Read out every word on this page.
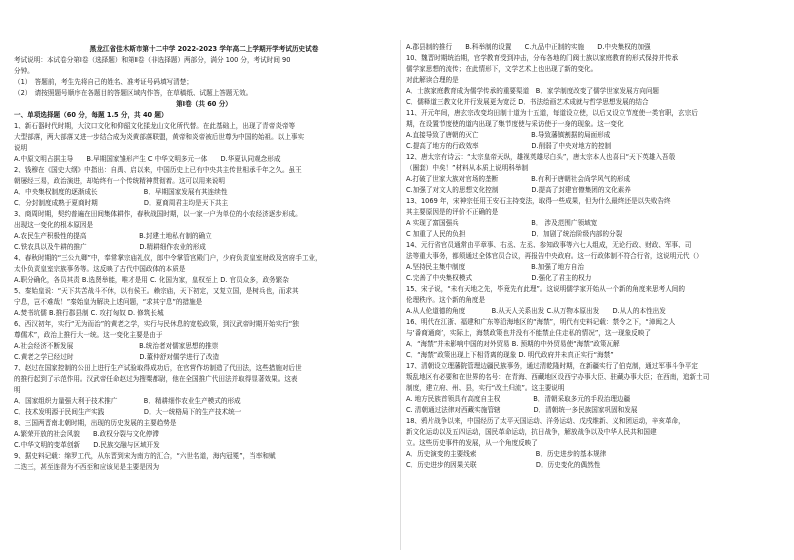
黑龙江省佳木斯市第十二中学 2022-2023 学年高二上学期开学考试历史试卷
考试说明：本试卷分第Ⅰ卷（选择题）和第Ⅱ卷（非选择题）两部分，满分 100 分，考试时间 90
分钟。
（1）　答题前，考生先将自己的姓名、准考证号码填写清楚；
（2）　请按照题号顺序在各题目的答题区域内作答，在草稿纸、试题上答题无效。
第Ⅰ卷（共 60 分）
一、单项选择题（60 分，每题 1.5 分，共 40 题）
1、新石器时代时期，大汶口文化和仰韶文化揉龙山文化所代替。在此基础上，出现了青帝炎帝等
大型部落，两大部落又进一步结合成为炎黄部落联盟，黄帝和炎帝被后世尊为中国的始祖。以上事实
说明
A.中原文明占据主导　　B.早期国家雏形产生 C 中华文明多元一体　　D.华夏认同观念形成
2、钱穆在《国史大纲》中指出：自禹、启以来，中国历史上已有中央共主传世相承千年之久。虽王
朝屡经三易，政治演进，却始终有一个传统精神贯彻着。这可以用来说明
A．中央集权制度的逐渐成长　　　　　　　B．早期国家发展有其连续性
C．分封制度成熟于夏商时期　　　　　　　D．夏商周君主均是天下共主
3、商周时期，契约普遍在田间集体耕作，春秋战国时期，以一家一户为单位的小农经济逐步形成。
出现这一变化的根本原因是
A.农民生产积极性的提高　　　　　　　　B.封建土地私有制的确立
C.铁农具以及牛耕的推广　　　　　　　　D.精耕细作农业的形成
4、春秋时期的“三公九卿”中，奉常掌宗庙礼仪，郎中令掌管宫殿门户，少府负责皇室财政及宫府手工业，
太仆负责皇室宗族事务等。这反映了古代中国政体的本质是
A.职分确化，各员其责 B.选贤举能，唯才是用 C. 化国为家，皇权至上 D. 官员众多，政务繁杂
5、秦始皇说：“天下共苦战斗不休，以有侯王。赖宗庙，天下初定，又复立国，是树兵也，而求其
宁息，岂不难哉！”秦始皇为解决上述问题，“求其宁息”的措施是
A.焚书坑儒 B.推行郡县制 C. 攻打匈奴 D. 修筑长城
6、西汉初年，实行“无为而治”的黄老之学，实行与民休息的宽松政策，到汉武帝时期开始实行“独
尊儒术”，政治上推行大一统。这一变化主要是由于
A.社会经济不断发展　　　　　　　　　　B.统治者对儒家思想的推崇
C.黄老之学已经过时　　　　　　　　　　D.董仲舒对儒学进行了改造
7、赵过在国家控制的公田上进行生产试验取得成功后，在官营作坊制造了代田法，这些措施对后世
的推行起到了示范作用。汉武帝任命赵过为搜粟都尉，他在全国推广代田法并取得显著效果。这表
明
A．国家组织力量强大利于技术推广　　　　B．精耕细作农业生产模式的形成
C．技术发明源于民间生产实践　　　　　　D．大一统格局下的生产技术统一
8、三国两晋南北朝时期，出现的历史发展的主要趋势是
A.繁荣开放的社会风貌　　B.政权分裂与文化停滞
C.中华文明的变革创新　　D.民族交融与区域开发
9、据史料记载：绵罗工代，从东晋到宋为南方的汇合，“六世名道，海内冠冕”，当率和赋
二迭三，甚至连督为不西至和应该见是主要是因为
A.郡县制的推行　　B.科举制的设置　　C.九品中正制的实施　　D.中央集权的加强
10、魏晋时期统治期，官学教育受到冲击，分布各地的门阀士族以家庭教育的形式保持并传承
儒学家思想的流传；在此情形下，文学艺术上也出现了新的变化。
对此解读合理的是
A．士族家庭教育成为儒学传承的重要渠道　B．家学制度改变了儒学世家发展方向问题
C．儒释道三教文化并行发展更为宽泛 D．书法绘画艺术成就与哲学思想发展的结合
11、开元年间，唐玄宗改变均田制十道为十五道，每道设立使，以后又设立节度使一类官职，玄宗后
期，在设置节度使的道内出现了集节度使与采访使于一身的现象。这一变化
A.直接导致了唐朝的灭亡　　　　　　　　B.导致藩镇割据的局面形成
C.提高了地方的行政效率　　　　　　　　D.削弱了中央对地方的控制
12、唐太宗有诗云：“太宗皇帝天纵，雄视英雄尽白头”，唐太宗本人也喜曰“天下英雄入吾彀
（圈套）中矣！”材料从本质上说明科举制
A.打破了世家大族对官场的垄断　　　　　B.有利于唐朝社会尚学风气的形成
C.加强了对文人的思想文化控制　　　　　D.提高了封建官僚集团的文化素养
13、1069 年，宋神宗任用王安石主持变法，取得一些成果，但为什么最终还是以失败告终
其主要原因是的评价不正确的是
A 实现了富国强兵　　　　　　　　　　　B． 涉及范围广领域宽
C 加重了人民的负担　　　　　　　　　　D．加剧了统治阶级内部的分裂
14、元行省官员通常由平章事、右丞、左丞、参知政事等六七人组成，无论行政、财政、军事、司
法等重大事务，都须通过全体官员合议，再报告中央政府。这一行政体制不符合行省，这说明元代（）
A.坚持民主集中制度　　　　　　　　　　B.加强了地方自治
C.完善了中央集权模式　　　　　　　　　D.强化了君主的权力
15、宋子说，“未有天地之先，毕竟先有此理”。这说明儒学家开始从一个新的角度来思考人间的
伦理秩序。这个新的角度是
A.从人伦道德的角度　　　　B.从天人关系出发 C.从万物本原出发　　D.从人的本性出发
16、明代在江浙、福建和广东等沿海地区的“海禁”，明代有史料记载：禁令之下，“漳闽之人
与‘番商通商’，实际上，海禁政策也并没有不能禁止住走私的情况”，这一现象反映了
A．“海禁”并未影响中国的对外贸易 B. 预期的中外贸易使“海禁”政策瓦解
C．“海禁”政策出现上下相背离的现象 D. 明代政府并未真正实行“海禁”
17、清朝设立理藩院管理边疆民族事务，通过清乾隆时期，在新疆实行了伯克制，通过军事斗争平定
叛乱地区有必要和在世界的名号：在青海、西藏地区设西宁办事大臣、驻藏办事大臣；在西南，追新土司
制度，建立府、州、县，实行“改土归流”。这主要说明
A. 地方民族首领具有高度自主权　　　　　B．清朝采取多元的手段治理边疆
C. 清朝通过法律对西藏实施管辖　　　　　D．清朝统一多民族国家巩固和发展
18、鸦片战争以来，中国经历了太平天国运动、洋务运动、戊戌维新、义和团运动，辛亥革命，
新文化运动以及五四运动，国民革命运动，抗日战争，解放战争以及中华人民共和国建
立。这些历史事件的发展，从一个角度反映了
A．历史演变的主要线索　　　　　　　　　B．历史进步的基本规律
C．历史进步的因果关联　　　　　　　　　D．历史变化的偶然性
